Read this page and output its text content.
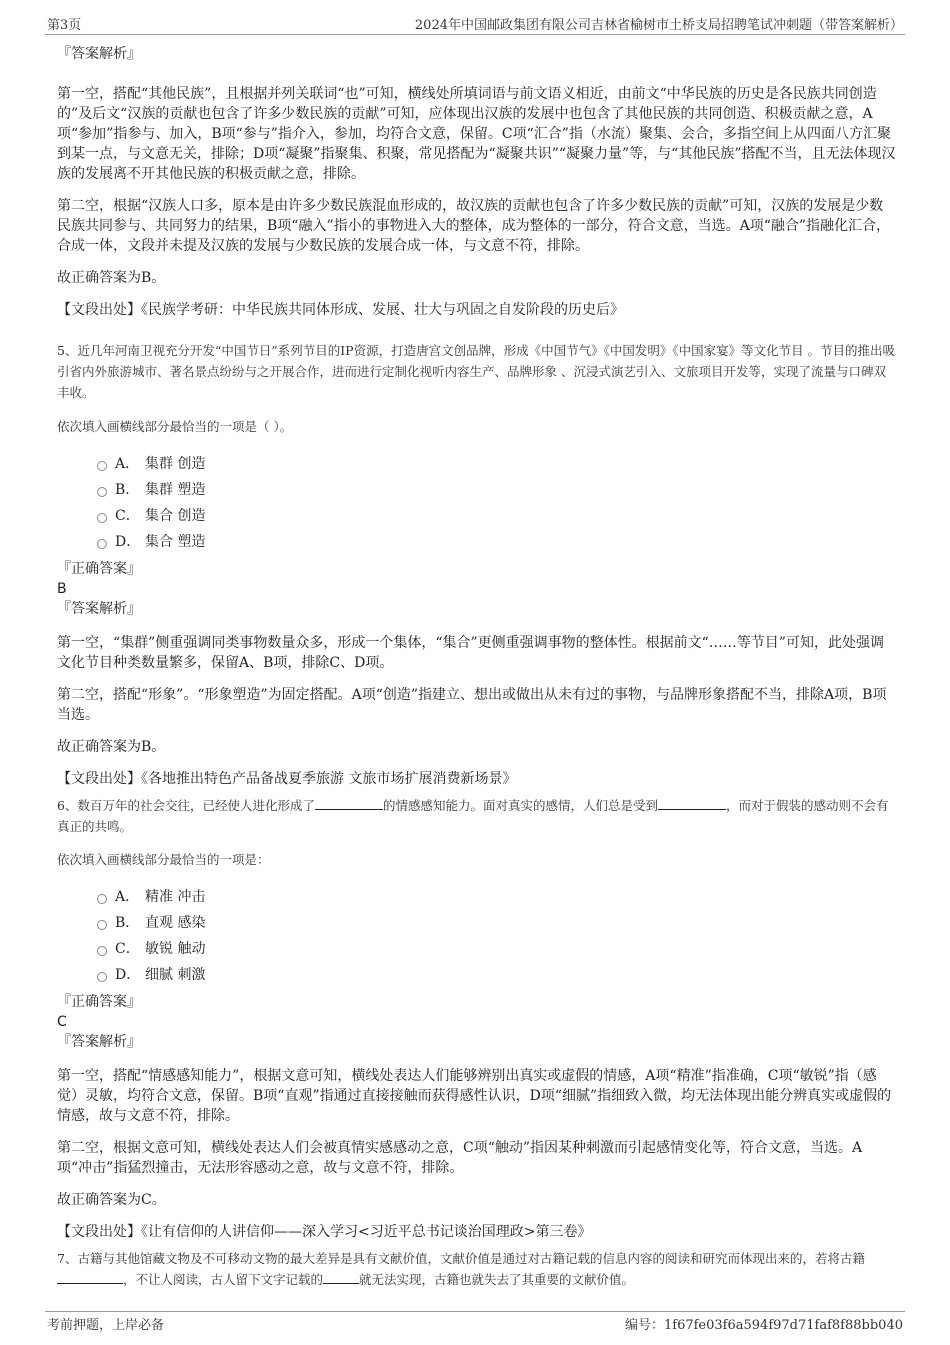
第3页	2024年中国邮政集团有限公司吉林省榆树市土桥支局招聘笔试冲刺题（带答案解析）

『答案解析』

第一空，搭配“其他民族”，且根据并列关联词“也”可知，横线处所填词语与前文语义相近，由前文“中华民族的历史是各民族共同创造的”及后文“汉族的贡献也包含了许多少数民族的贡献”可知，应体现出汉族的发展中也包含了其他民族的共同创造、积极贡献之意，A项“参加”指参与、加入，B项“参与”指介入，参加，均符合文意，保留。C项“汇合”指（水流）聚集、会合，多指空间上从四面八方汇聚到某一点，与文意无关，排除；D项“凝聚”指聚集、积聚，常见搭配为“凝聚共识”“凝聚力量”等，与“其他民族”搭配不当，且无法体现汉族的发展离不开其他民族的积极贡献之意，排除。

第二空，根据“汉族人口多，原本是由许多少数民族混血形成的，故汉族的贡献也包含了许多少数民族的贡献”可知，汉族的发展是少数民族共同参与、共同努力的结果，B项“融入”指小的事物进入大的整体，成为整体的一部分，符合文意，当选。A项“融合”指融化汇合，合成一体，文段并未提及汉族的发展与少数民族的发展合成一体，与文意不符，排除。

故正确答案为B。

【文段出处】《民族学考研：中华民族共同体形成、发展、壮大与巩固之自发阶段的历史后》

5、近几年河南卫视充分开发“中国节日”系列节目的IP资源，打造唐宫文创品牌，形成《中国节气》《中国发明》《中国家宴》等文化节目 。节目的推出吸引省内外旅游城市、著名景点纷纷与之开展合作，进而进行定制化视听内容生产、品牌形象 、沉浸式演艺引入、文旅项目开发等，实现了流量与口碑双丰收。

依次填入画横线部分最恰当的一项是（ ）。

A． 集群 创造
B． 集群 塑造
C． 集合 创造
D． 集合 塑造

『正确答案』

B

『答案解析』

第一空，“集群”侧重强调同类事物数量众多，形成一个集体，“集合”更侧重强调事物的整体性。根据前文“……等节目”可知，此处强调文化节目种类数量繁多，保留A、B项，排除C、D项。

第二空，搭配“形象”。“形象塑造”为固定搭配。A项“创造”指建立、想出或做出从未有过的事物，与品牌形象搭配不当，排除A项，B项当选。

故正确答案为B。

【文段出处】《各地推出特色产品备战夏季旅游 文旅市场扩展消费新场景》

6、数百万年的社会交往，已经使人进化形成了	的情感感知能力。面对真实的感情，人们总是受到	，而对于假装的感动则不会有真正的共鸣。

依次填入画横线部分最恰当的一项是：

A． 精准 冲击
B． 直观 感染
C． 敏锐 触动
D． 细腻 刺激

『正确答案』

C

『答案解析』

第一空，搭配“情感感知能力”，根据文意可知，横线处表达人们能够辨别出真实或虚假的情感，A项“精准”指准确，C项“敏锐”指（感觉）灵敏，均符合文意，保留。B项“直观”指通过直接接触而获得感性认识，D项“细腻”指细致入微，均无法体现出能分辨真实或虚假的情感，故与文意不符，排除。

第二空，根据文意可知，横线处表达人们会被真情实感感动之意，C项“触动”指因某种刺激而引起感情变化等，符合文意，当选。A项“冲击”指猛烈撞击，无法形容感动之意，故与文意不符，排除。

故正确答案为C。

【文段出处】《让有信仰的人讲信仰——深入学习<习近平总书记谈治国理政>第三卷》

7、古籍与其他馆藏文物及不可移动文物的最大差异是具有文献价值，文献价值是通过对古籍记载的信息内容的阅读和研究而体现出来的，若将古籍，不让人阅读，古人留下文字记载的	就无法实现，古籍也就失去了其重要的文献价值。

考前押题，上岸必备	编号：1f67fe03f6a594f97d71faf8f88bb040
